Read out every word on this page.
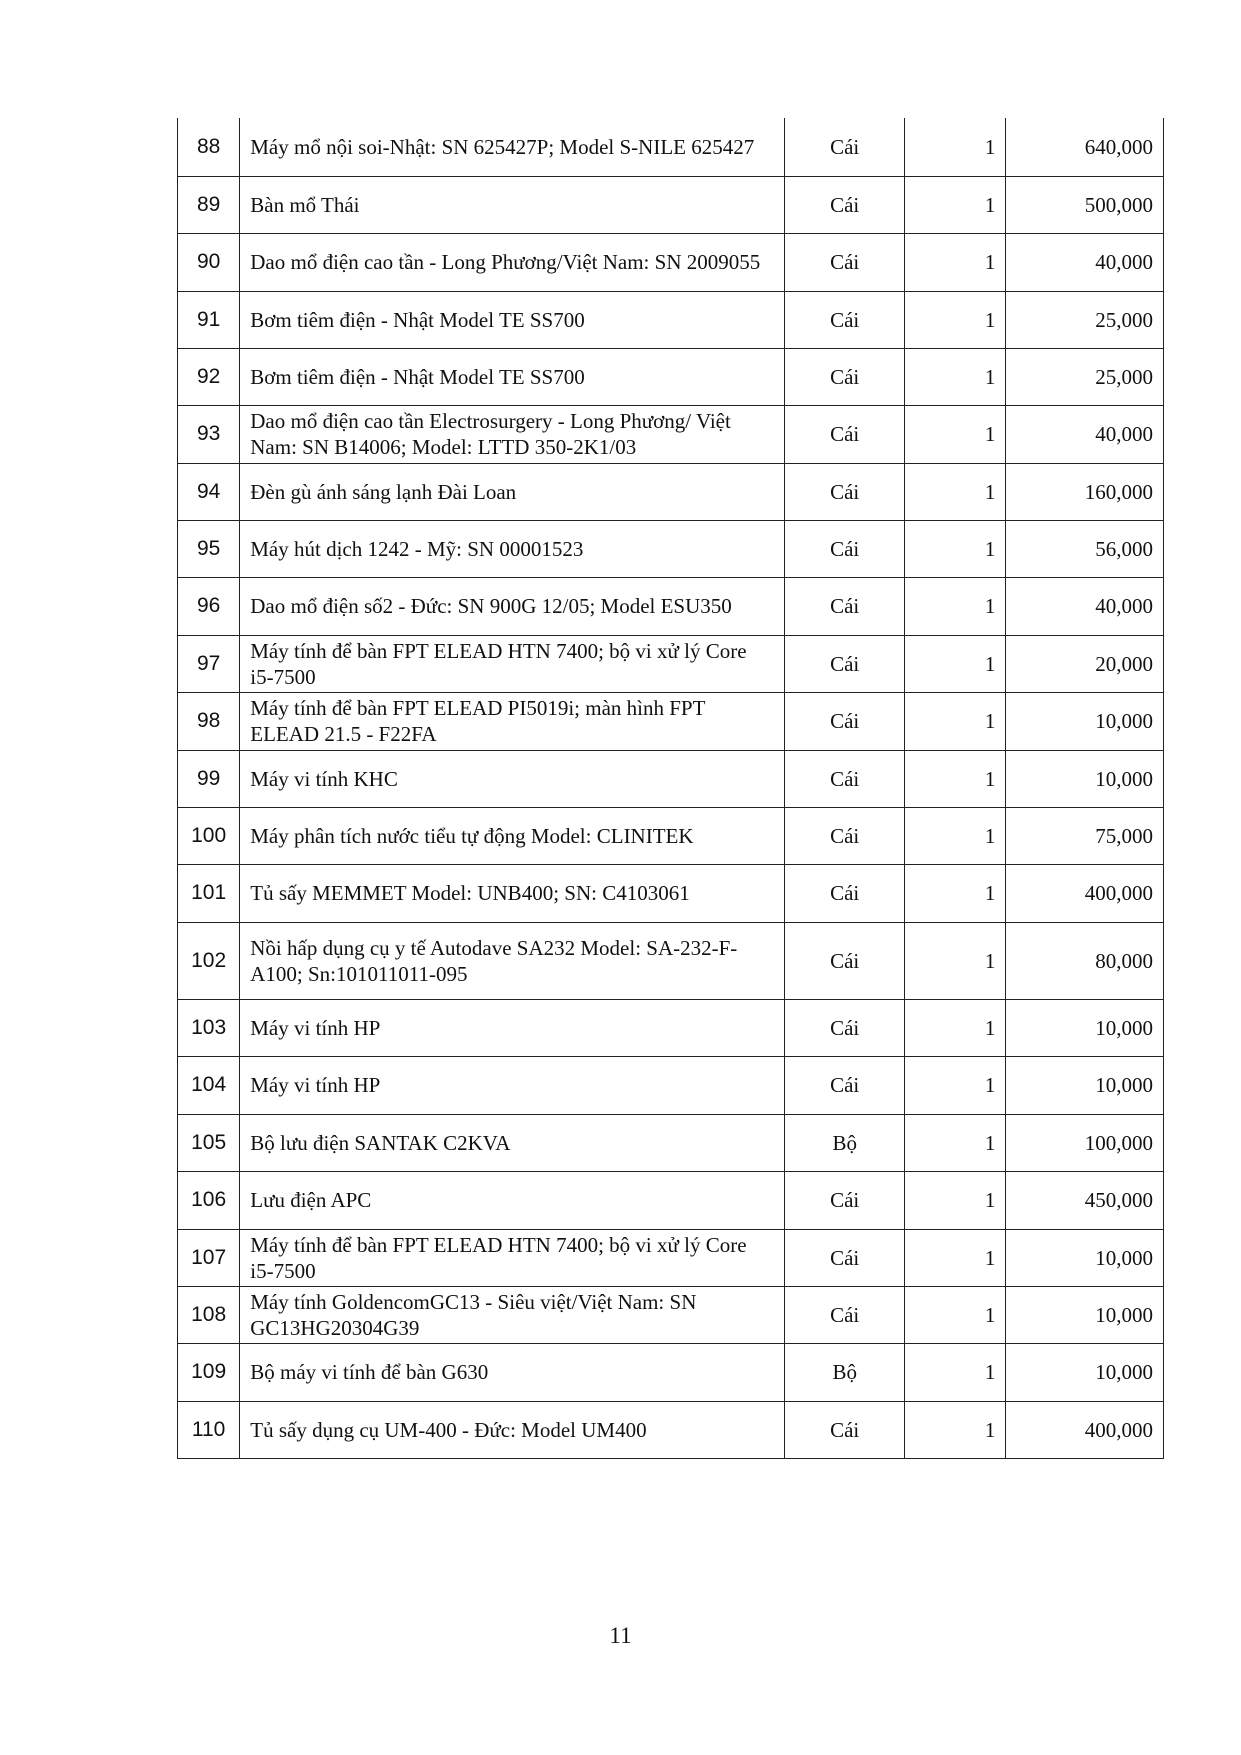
88	Máy mổ nội soi-Nhật: SN 625427P; Model S-NILE 625427	Cái	1	640,000
89	Bàn mổ Thái	Cái	1	500,000
90	Dao mổ điện cao tần - Long Phương/Việt Nam: SN 2009055	Cái	1	40,000
91	Bơm tiêm điện - Nhật Model TE SS700	Cái	1	25,000
92	Bơm tiêm điện - Nhật Model TE SS700	Cái	1	25,000
93	Dao mổ điện cao tần Electrosurgery - Long Phương/ Việt Nam: SN B14006; Model: LTTD 350-2K1/03	Cái	1	40,000
94	Đèn gù ánh sáng lạnh Đài Loan	Cái	1	160,000
95	Máy hút dịch 1242 - Mỹ: SN 00001523	Cái	1	56,000
96	Dao mổ điện số2 - Đức: SN 900G 12/05; Model ESU350	Cái	1	40,000
97	Máy tính để bàn FPT ELEAD HTN 7400; bộ vi xử lý Core i5-7500	Cái	1	20,000
98	Máy tính để bàn FPT ELEAD PI5019i; màn hình FPT ELEAD 21.5 - F22FA	Cái	1	10,000
99	Máy vi tính KHC	Cái	1	10,000
100	Máy phân tích nước tiểu tự động Model: CLINITEK	Cái	1	75,000
101	Tủ sấy MEMMET Model: UNB400; SN: C4103061	Cái	1	400,000
102	Nồi hấp dụng cụ y tế Autodave SA232 Model: SA-232-F-A100; Sn:101011011-095	Cái	1	80,000
103	Máy vi tính HP	Cái	1	10,000
104	Máy vi tính HP	Cái	1	10,000
105	Bộ lưu điện SANTAK C2KVA	Bộ	1	100,000
106	Lưu điện APC	Cái	1	450,000
107	Máy tính để bàn FPT ELEAD HTN 7400; bộ vi xử lý Core i5-7500	Cái	1	10,000
108	Máy tính GoldencomGC13 - Siêu việt/Việt Nam: SN GC13HG20304G39	Cái	1	10,000
109	Bộ máy vi tính để bàn G630	Bộ	1	10,000
110	Tủ sấy dụng cụ UM-400 - Đức: Model UM400	Cái	1	400,000
11
